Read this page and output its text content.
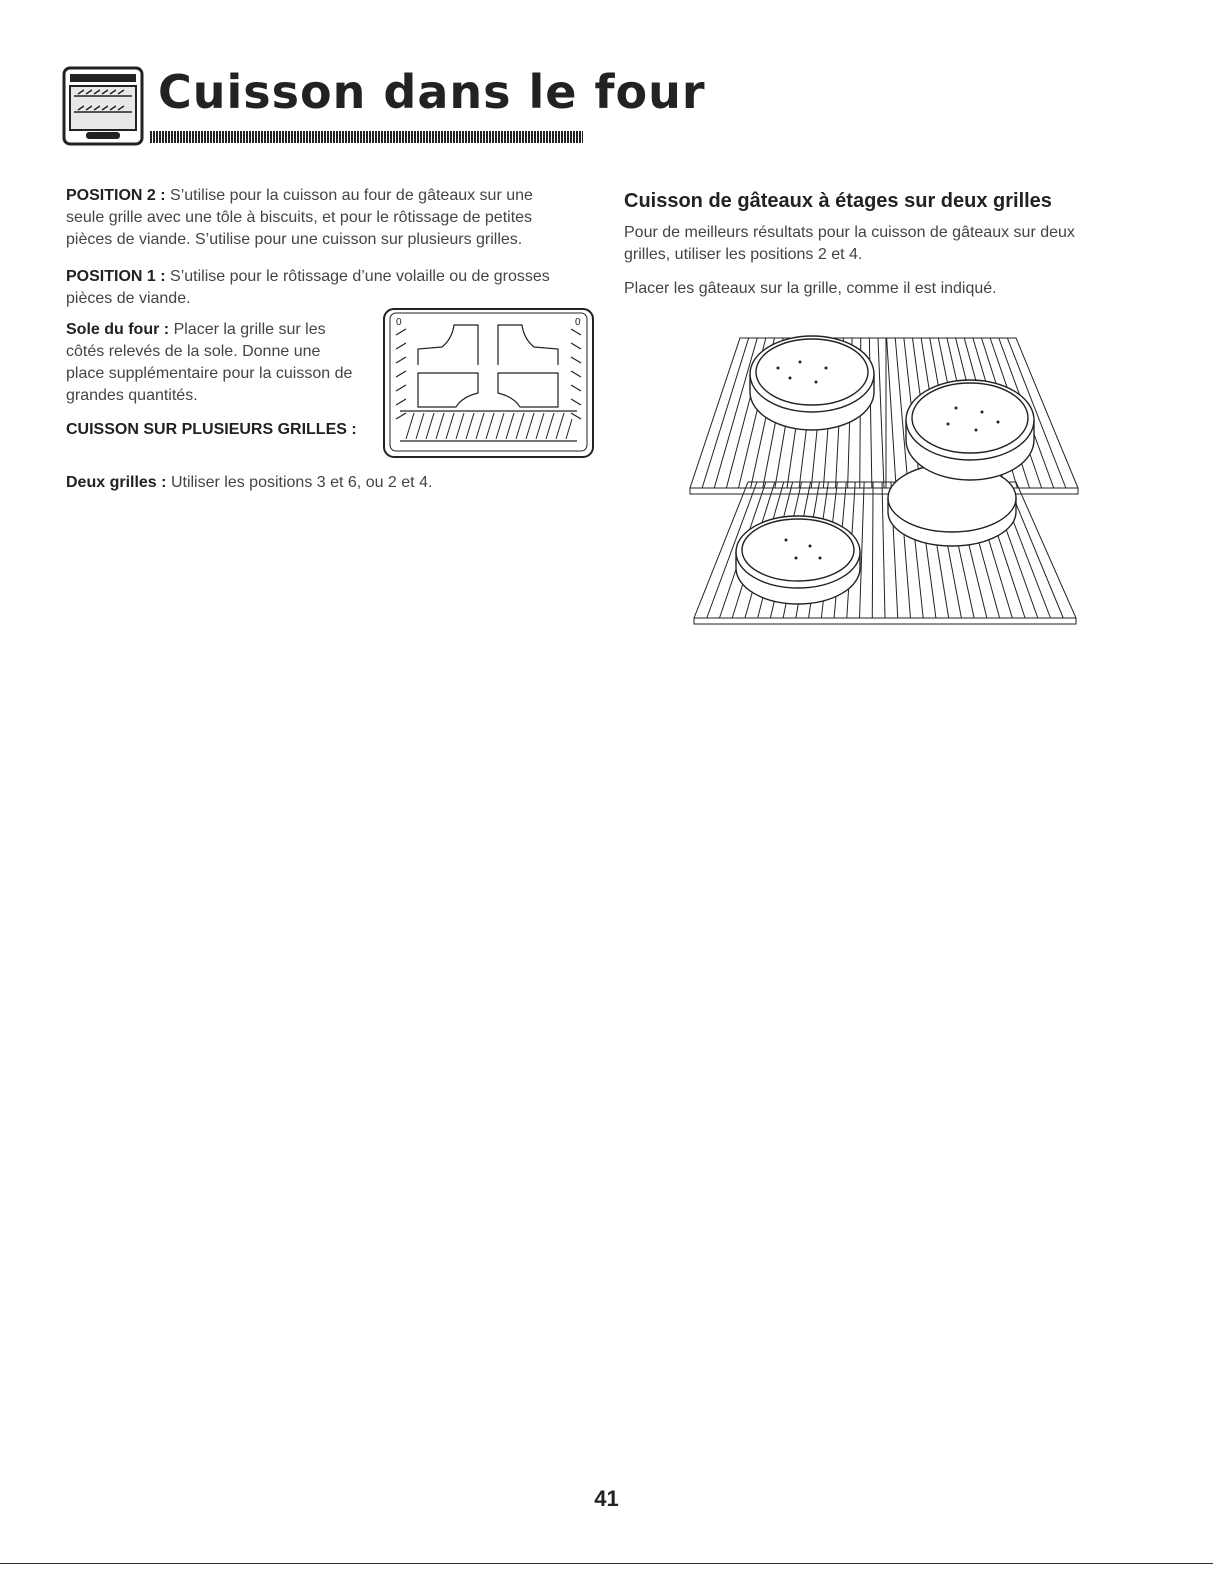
Cuisson dans le four

POSITION 2 : S’utilise pour la cuisson au four de gâteaux sur une seule grille avec une tôle à biscuits, et pour le rôtissage de petites pièces de viande. S’utilise pour une cuisson sur plusieurs grilles.

POSITION 1 : S’utilise pour le rôtissage d’une volaille ou de grosses pièces de viande.

Sole du four : Placer la grille sur les côtés relevés de la sole. Donne une place supplémentaire pour la cuisson de grandes quantités.

CUISSON SUR PLUSIEURS GRILLES :

Deux grilles : Utiliser les positions 3 et 6, ou 2 et 4.

0	0
Cuisson de gâteaux à étages sur deux grilles

Pour de meilleurs résultats pour la cuisson de gâteaux sur deux grilles, utiliser les positions 2 et 4.

Placer les gâteaux sur la grille, comme il est indiqué.

41
